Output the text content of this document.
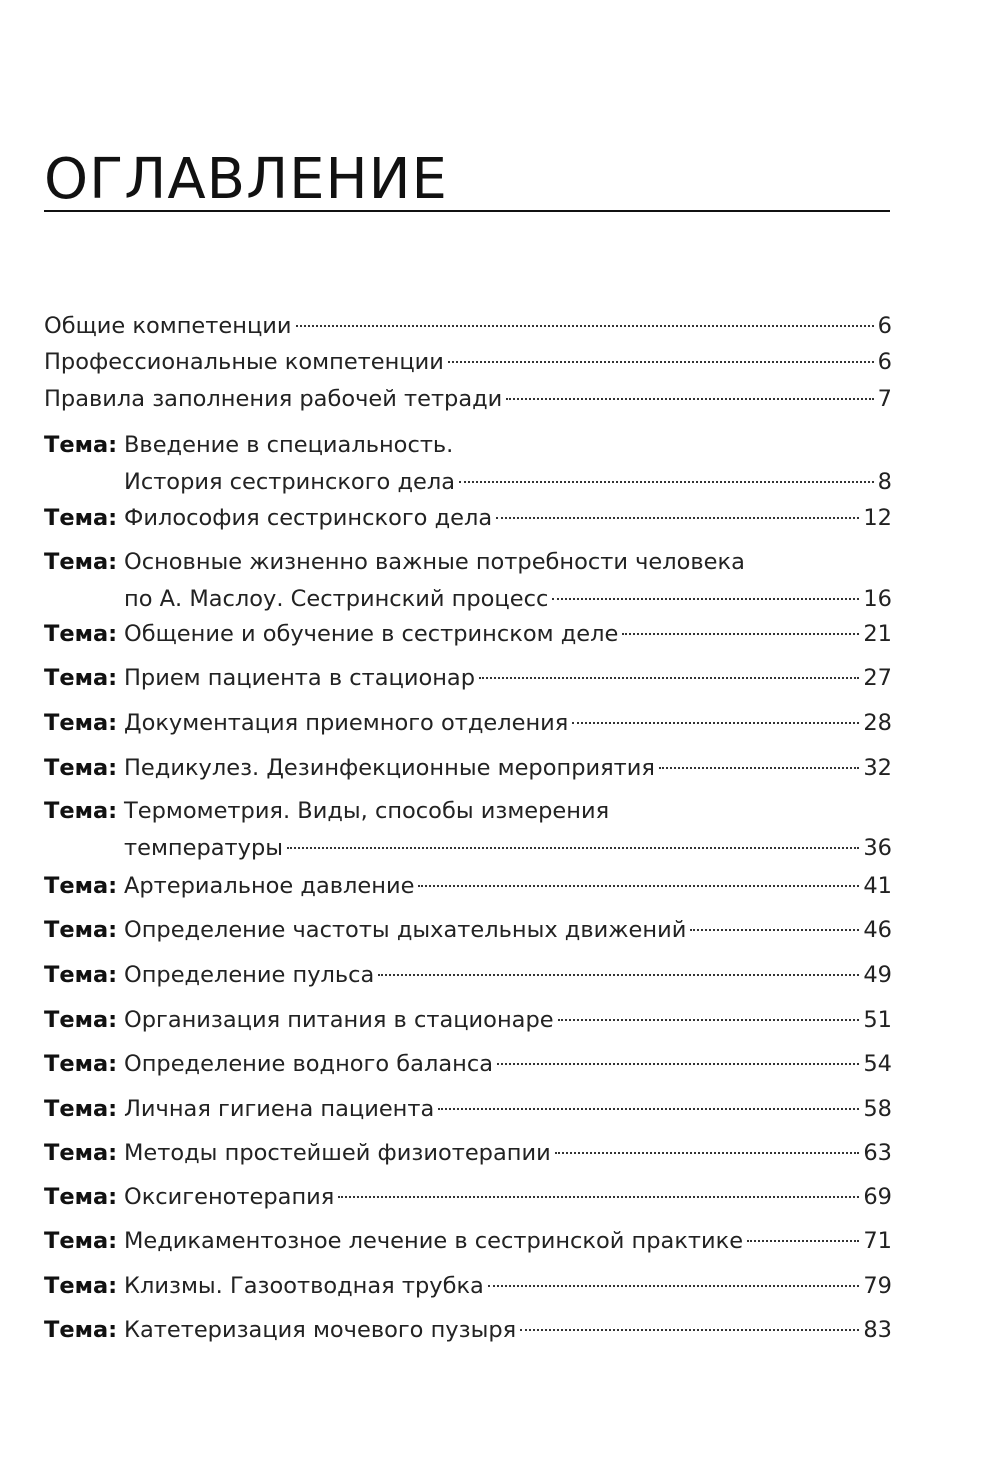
ОГЛАВЛЕНИЕ
Общие компетенции	6
Профессиональные компетенции	6
Правила заполнения рабочей тетради	7
Тема: Введение в специальность.
История сестринского дела	8
Тема: Философия сестринского дела	12
Тема: Основные жизненно важные потребности человека
по А. Маслоу. Сестринский процесс	16
Тема: Общение и обучение в сестринском деле	21
Тема: Прием пациента в стационар	27
Тема: Документация приемного отделения	28
Тема: Педикулез. Дезинфекционные мероприятия	32
Тема: Термометрия. Виды, способы измерения
температуры	36
Тема: Артериальное давление	41
Тема: Определение частоты дыхательных движений	46
Тема: Определение пульса	49
Тема: Организация питания в стационаре	51
Тема: Определение водного баланса	54
Тема: Личная гигиена пациента	58
Тема: Методы простейшей физиотерапии	63
Тема: Оксигенотерапия	69
Тема: Медикаментозное лечение в сестринской практике	71
Тема: Клизмы. Газоотводная трубка	79
Тема: Катетеризация мочевого пузыря	83
